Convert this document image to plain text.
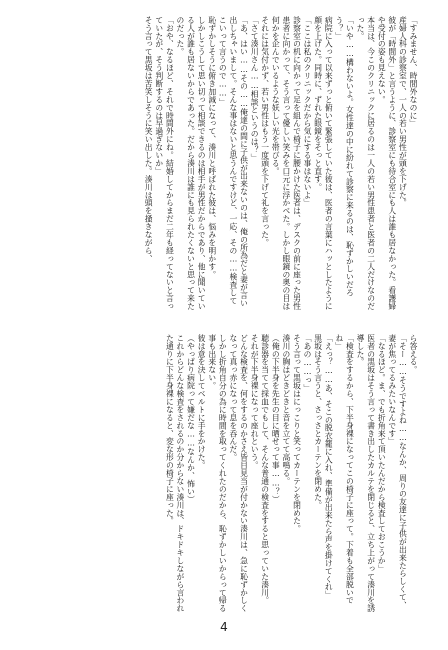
「すみません、時間外なのに」
産婦人科の診察室で、一人の若い男性が頭を下げた。
彼が「時間外」と言うように、診察室にも待合室にも人は誰も居なかった。看護婦や受付の姿も見えない。
本当は、今このクリニックに居るのは一人の若い男性患者と医者の二人だけなのだった。
「いや……構わないよ。女性達の中に紛れて診察に来るのは、恥ずかしいだろう？」
病院に入って以来ずっと俯いて緊張していた彼は、医者の言葉にハッとしたように顔を上げた。同時に、ずれた眼鏡をそっと直す。
「ここは私のクリニックだから気にする事はないよ」
診察室の机に向かって足を組んで椅子に腰かけた医者は、デスクの前に座った男性患者に向かって、そう言って優しい笑みを口元に浮かべた。しかし眼鏡の奥の目は何かを企んでいるような妖しい光を帯びる。
それには気付かず、若い男性はもう一度頭を下げて礼を言った。
「さて湊川さん……相談というのは？」
「あ、はい……その……俺達の間に子供が出来ないのは、俺の所為だと妻が言い出しちゃいまして。そんな事はないと思うんですけど、一応、その……検査してこいって言うので……」
恥ずかしそうに俯き加減になって、湊川と呼ばれた彼は、悩みを明かす。
しかしこうして思い切って相談できるのは相手が男性だからであり、他に聞いている人が誰も居ないからであった。だから湊川は誰にも見られたくないと思って来たのだった。
「おや、なるほど、それで時間外にね。結婚してからまだ二年も経ってないと言っていたが、そう判断するのは早過ぎないか」
そう言って黒坂は苦笑しそうに笑い出した。湊川は頭を掻きながら、
ら答える。
「そー……そうですよね……なんか、周りの友達に子供が出来たらしくて、妻が焦ってるみたいなんです」
「なるほど。ま、でも折角来て頂いたんだから検査しておこうか」
医者の黒坂はそう言って書き出したカルテを閉じると、立ち上がって湊川を誘導した。
「検査をするから、下半身裸になってこの椅子に座って。下着も全部脱いでね」
「えっ？……あ、そこの脱衣籠に入れ、準備が出来たら声を掛けてくれ」
黒坂はそう言うと、さっさとカーテンを閉めた。
「あの……っ」
そう言って黒坂はにっこりと笑ってカーテンを閉めた。
湊川の胸はどきどきと音を立てて高鳴る。
（俺の下半身を先生の目に晒せって事……？）
聴診器を当てて採血でもして、そんな普通の検査をすると思っていた湊川。
それが下半身裸になって座れという。
どんな検査を、何をするのかさえ皆目見当が付かない湊川は、急に恥ずかしくなって真っ赤になって息を呑んだ。
しかし折角自分の為に時間を取ってくれたのだから、恥ずかしいからって帰る事も出来ない。
彼は意を決してベルトに手をかけた。
（やっぱり病院って嫌だな……なんか、怖い）
これからどんな検査をされるのか分からない湊川は、ドキドキしながら言われた通りに下半身裸になると、変な形の椅子に座った。
4
